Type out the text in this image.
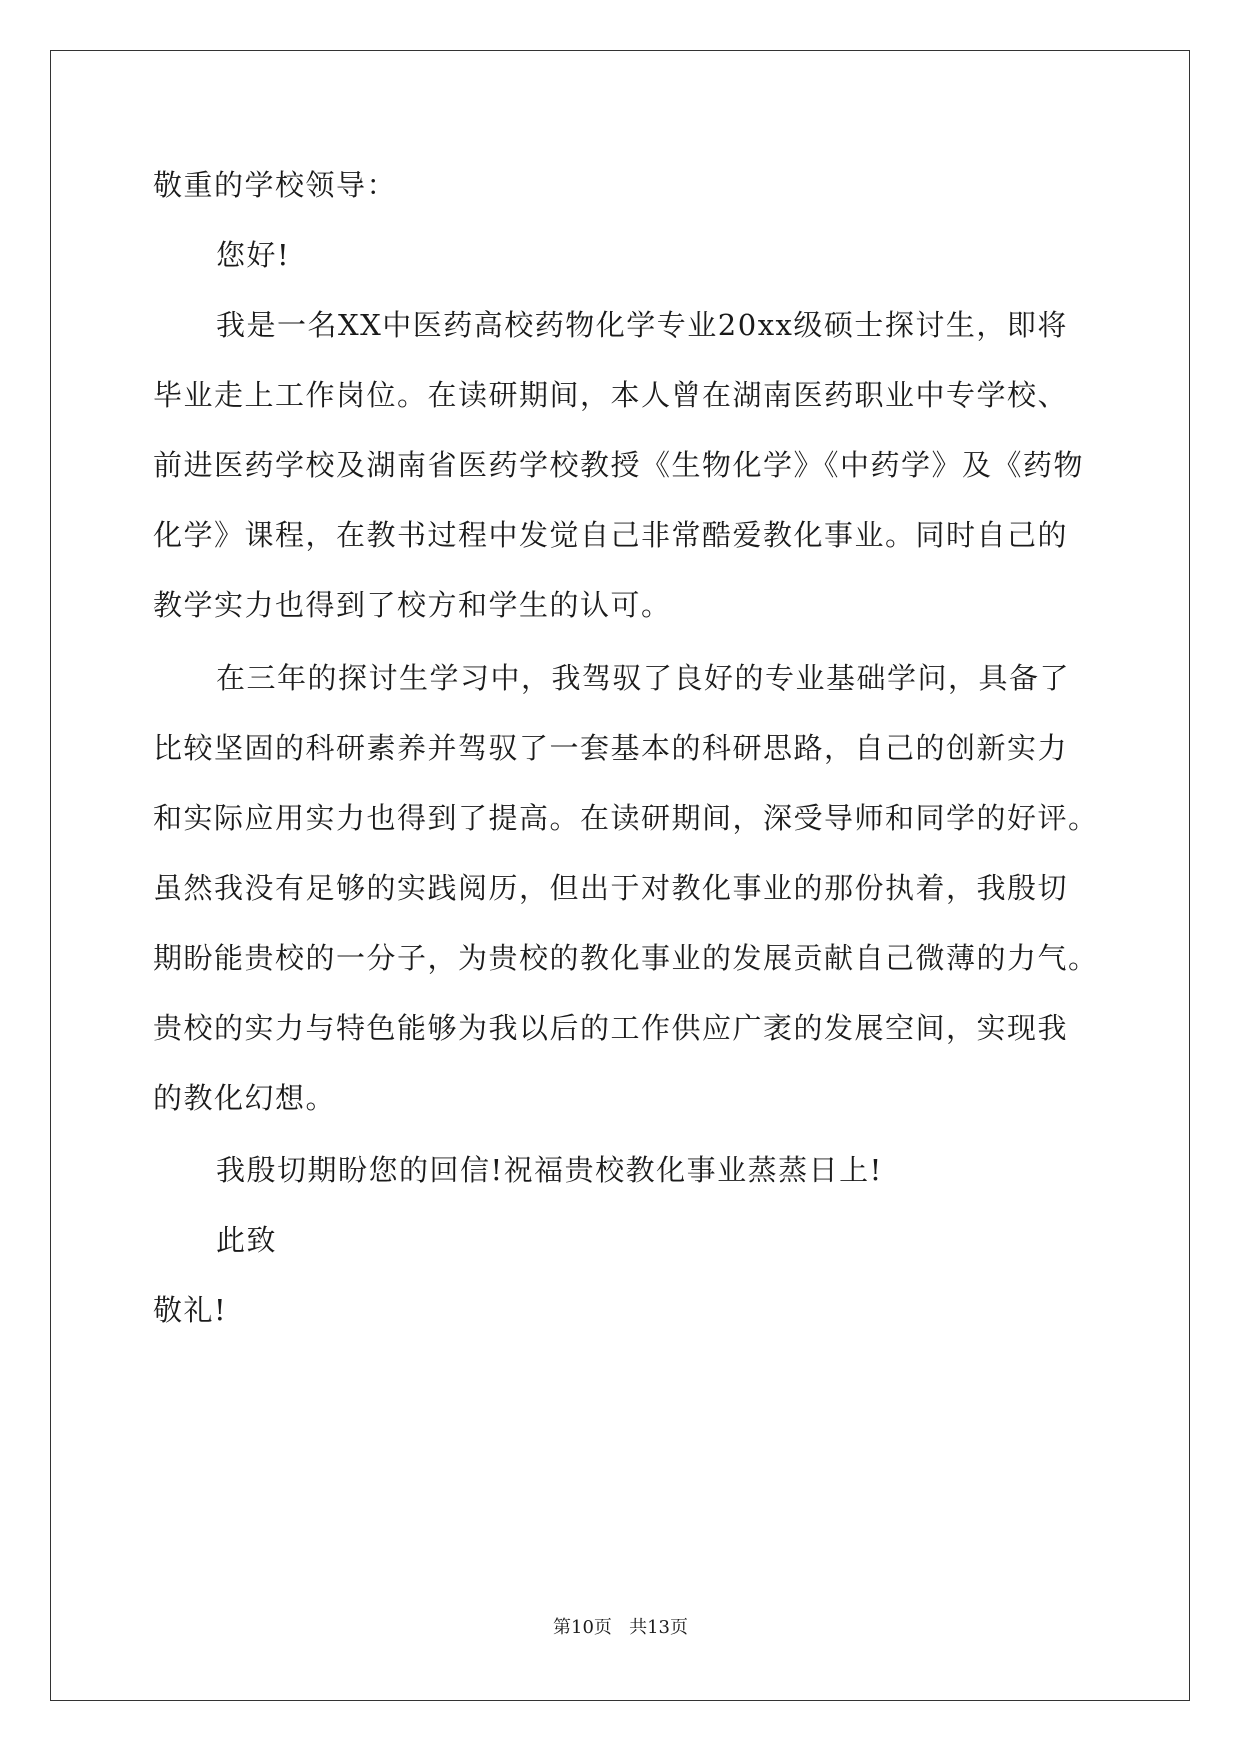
敬重的学校领导：
您好!
我是一名XX中医药高校药物化学专业20xx级硕士探讨生，即将
毕业走上工作岗位。在读研期间，本人曾在湖南医药职业中专学校、
前进医药学校及湖南省医药学校教授《生物化学》《中药学》及《药物
化学》课程，在教书过程中发觉自己非常酷爱教化事业。同时自己的
教学实力也得到了校方和学生的认可。
在三年的探讨生学习中，我驾驭了良好的专业基础学问，具备了
比较坚固的科研素养并驾驭了一套基本的科研思路，自己的创新实力
和实际应用实力也得到了提高。在读研期间，深受导师和同学的好评。
虽然我没有足够的实践阅历，但出于对教化事业的那份执着，我殷切
期盼能贵校的一分子，为贵校的教化事业的发展贡献自己微薄的力气。
贵校的实力与特色能够为我以后的工作供应广袤的发展空间，实现我
的教化幻想。
我殷切期盼您的回信!祝福贵校教化事业蒸蒸日上!
此致
敬礼!
第10页   共13页
